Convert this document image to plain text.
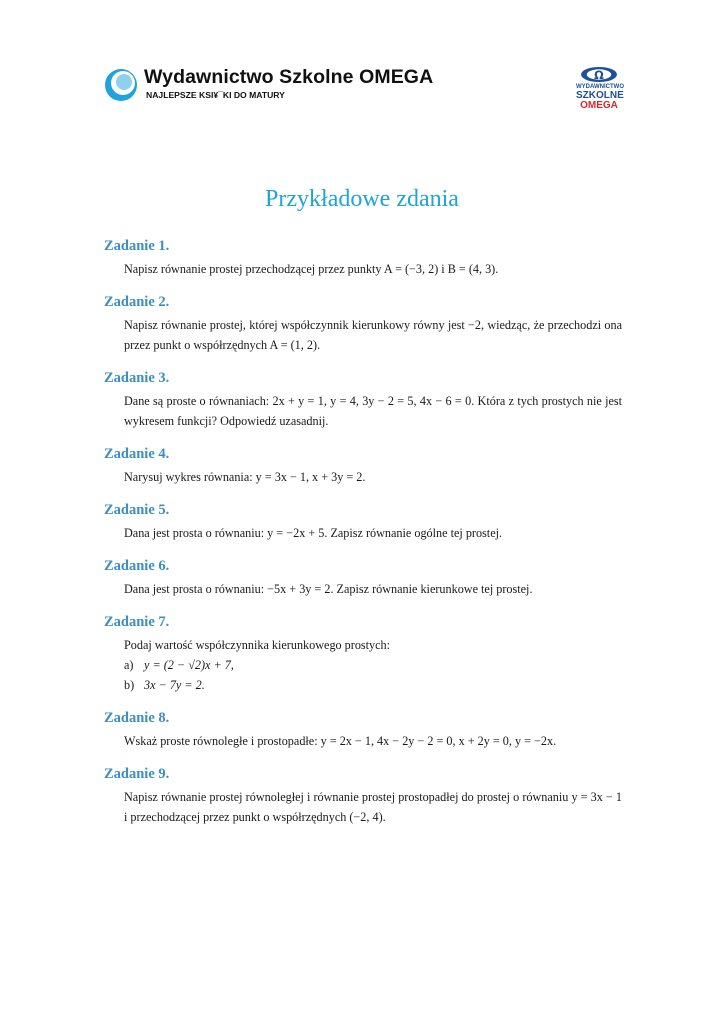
Wydawnictwo Szkolne OMEGA
NAJLEPSZE KSI¥¯KI DO MATURY
Ω
WYDAWNICTWO
SZKOLNE
OMEGA
Przykładowe zdania
Zadanie 1.
Napisz równanie prostej przechodzącej przez punkty A = (−3, 2) i B = (4, 3).
Zadanie 2.
Napisz równanie prostej, której współczynnik kierunkowy równy jest −2, wiedząc, że przechodzi ona przez punkt o współrzędnych A = (1, 2).
Zadanie 3.
Dane są proste o równaniach: 2x + y = 1, y = 4, 3y − 2 = 5, 4x − 6 = 0. Która z tych prostych nie jest wykresem funkcji? Odpowiedź uzasadnij.
Zadanie 4.
Narysuj wykres równania: y = 3x − 1, x + 3y = 2.
Zadanie 5.
Dana jest prosta o równaniu: y = −2x + 5. Zapisz równanie ogólne tej prostej.
Zadanie 6.
Dana jest prosta o równaniu: −5x + 3y = 2. Zapisz równanie kierunkowe tej prostej.
Zadanie 7.
Podaj wartość współczynnika kierunkowego prostych:
a) y = (2 − √2)x + 7,
b) 3x − 7y = 2.
Zadanie 8.
Wskaż proste równoległe i prostopadłe: y = 2x − 1, 4x − 2y − 2 = 0, x + 2y = 0, y = −2x.
Zadanie 9.
Napisz równanie prostej równoległej i równanie prostej prostopadłej do prostej o równaniu y = 3x − 1 i przechodzącej przez punkt o współrzędnych (−2, 4).
